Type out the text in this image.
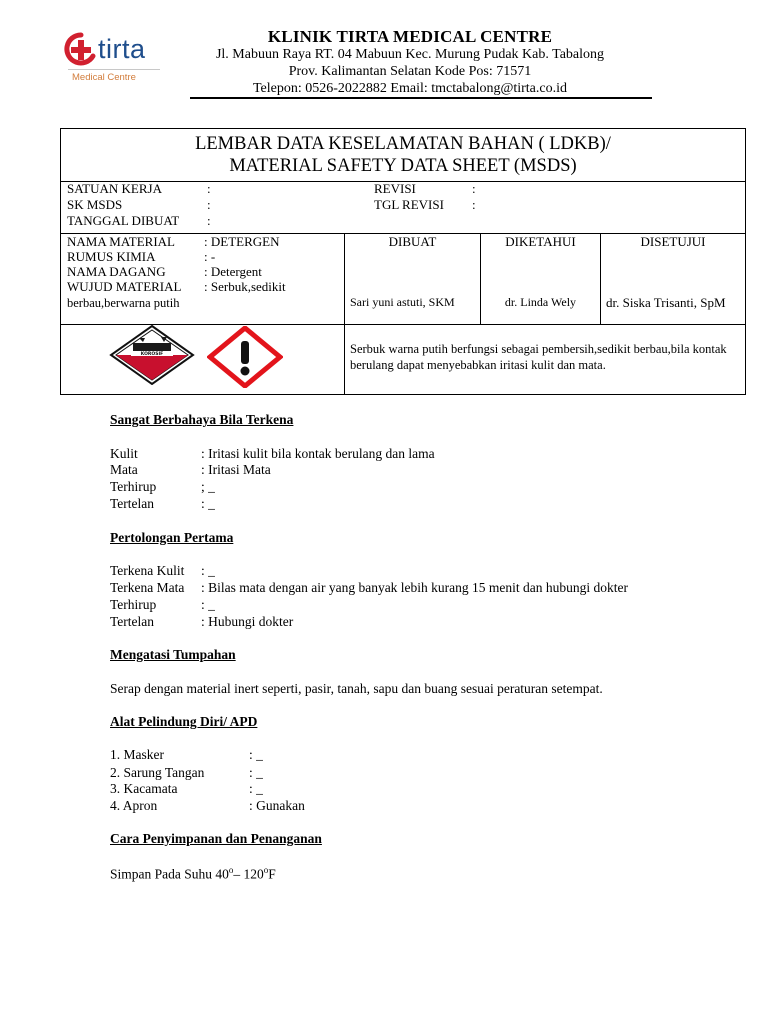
tirta
Medical Centre
KLINIK TIRTA MEDICAL CENTRE
Jl. Mabuun Raya RT. 04 Mabuun Kec. Murung Pudak Kab. Tabalong
Prov. Kalimantan Selatan Kode Pos: 71571
Telepon: 0526-2022882 Email: tmctabalong@tirta.co.id
LEMBAR DATA KESELAMATAN BAHAN ( LDKB)/
MATERIAL SAFETY DATA SHEET (MSDS)
SATUAN KERJA	:
SK MSDS	:
TANGGAL DIBUAT :
REVISI	:
TGL REVISI :
NAMA MATERIAL : DETERGEN
RUMUS KIMIA	: -
NAMA DAGANG	: Detergent
WUJUD MATERIAL : Serbuk,sedikit
berbau,berwarna putih
DIBUAT	DIKETAHUI	DISETUJUI
Sari yuni astuti, SKM	dr. Linda Wely	dr. Siska Trisanti, SpM
KOROSIF	Serbuk warna putih berfungsi sebagai pembersih,sedikit berbau,bila kontak berulang dapat menyebabkan iritasi kulit dan mata.
Sangat Berbahaya Bila Terkena
Kulit	: Iritasi kulit bila kontak berulang dan lama
Mata	: Iritasi Mata
Terhirup	; _
Tertelan	: _
Pertolongan Pertama
Terkena Kulit : _
Terkena Mata : Bilas mata dengan air yang banyak lebih kurang 15 menit dan hubungi dokter
Terhirup	: _
Tertelan	: Hubungi dokter
Mengatasi Tumpahan
Serap dengan material inert seperti, pasir, tanah, sapu dan buang sesuai peraturan setempat.
Alat Pelindung Diri/ APD
1. Masker	: _
2. Sarung Tangan	: _
3. Kacamata	: _
4. Apron	: Gunakan
Cara Penyimpanan dan Penanganan
Simpan Pada Suhu 40$^o$– 120$^o$F
